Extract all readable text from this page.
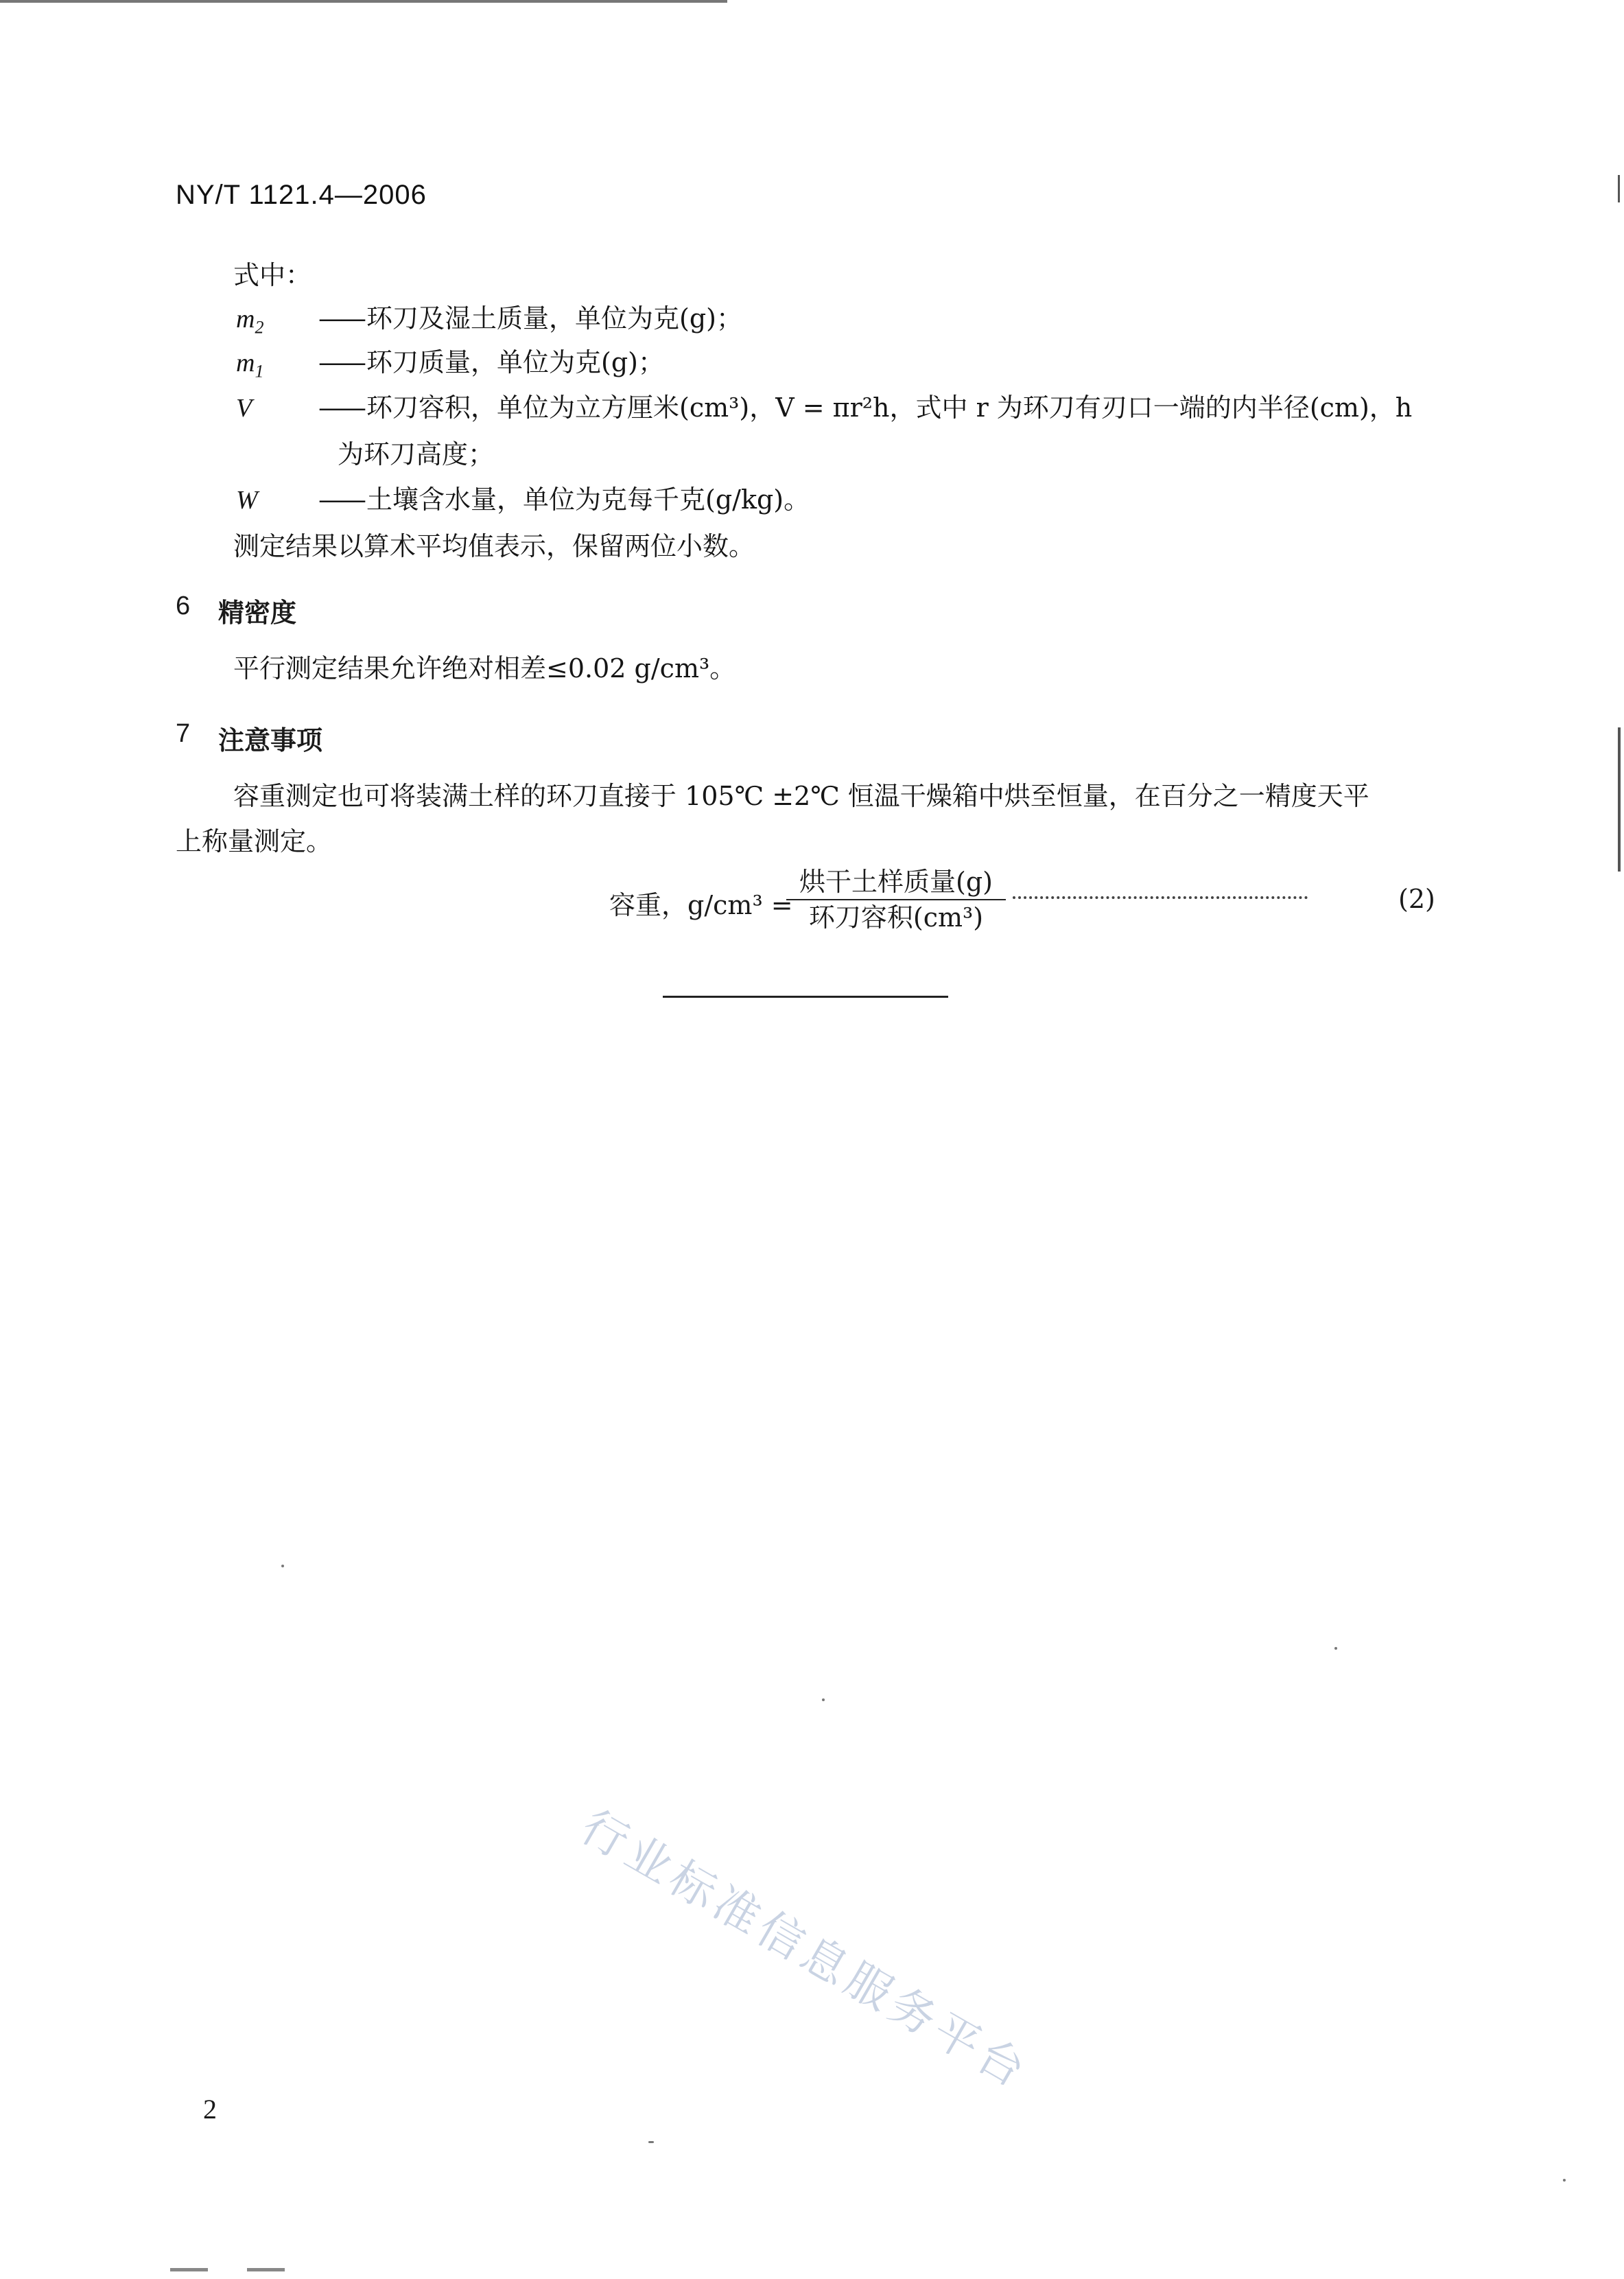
NY/T 1121.4—2006
式中：
$m_2$ —— 环刀及湿土质量，单位为克(g)；
$m_1$ —— 环刀质量，单位为克(g)；
V	—— 环刀容积，单位为立方厘米(cm³)，V = πr²h，式中 r 为环刀有刃口一端的内半径(cm)，h
为环刀高度；
W —— 土壤含水量，单位为克每千克(g/kg)。
测定结果以算术平均值表示，保留两位小数。
6 精密度
平行测定结果允许绝对相差≤0.02 g/cm³。
7 注意事项
容重测定也可将装满土样的环刀直接于 105℃ ±2℃ 恒温干燥箱中烘至恒量，在百分之一精度天平
上称量测定。
容重，g/cm³ =
烘干土样质量(g)
环刀容积(cm³)
(2)
行业标准信息服务平台
2
